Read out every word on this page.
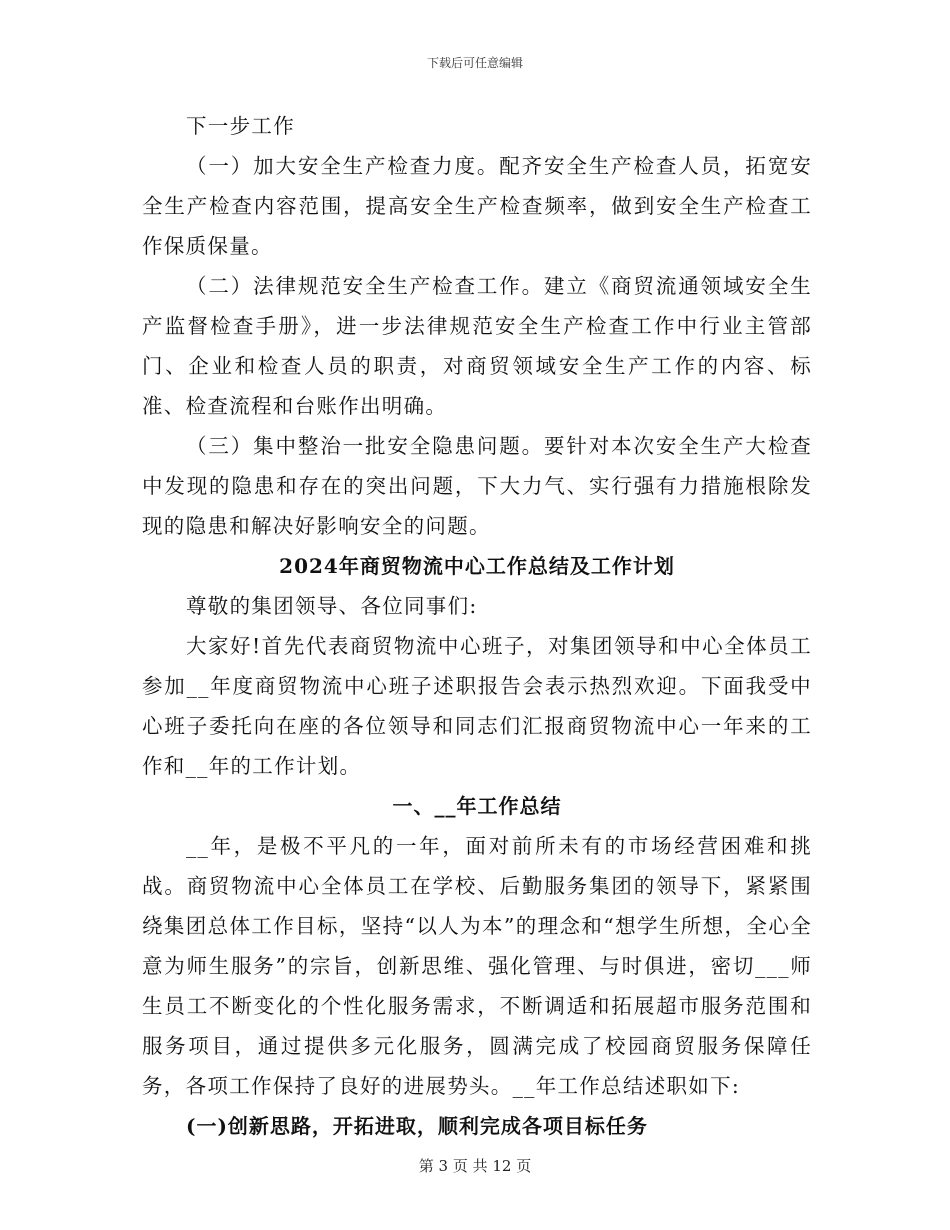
下载后可任意编辑

下一步工作

（一）加大安全生产检查力度。配齐安全生产检查人员，拓宽安全生产检查内容范围，提高安全生产检查频率，做到安全生产检查工作保质保量。

（二）法律规范安全生产检查工作。建立《商贸流通领域安全生产监督检查手册》，进一步法律规范安全生产检查工作中行业主管部门、企业和检查人员的职责，对商贸领域安全生产工作的内容、标准、检查流程和台账作出明确。

（三）集中整治一批安全隐患问题。要针对本次安全生产大检查中发现的隐患和存在的突出问题，下大力气、实行强有力措施根除发现的隐患和解决好影响安全的问题。

2024年商贸物流中心工作总结及工作计划

尊敬的集团领导、各位同事们:

大家好!首先代表商贸物流中心班子，对集团领导和中心全体员工参加__年度商贸物流中心班子述职报告会表示热烈欢迎。下面我受中心班子委托向在座的各位领导和同志们汇报商贸物流中心一年来的工作和__年的工作计划。

一、__年工作总结

__年，是极不平凡的一年，面对前所未有的市场经营困难和挑战。商贸物流中心全体员工在学校、后勤服务集团的领导下，紧紧围绕集团总体工作目标，坚持“以人为本”的理念和“想学生所想，全心全意为师生服务”的宗旨，创新思维、强化管理、与时俱进，密切___师生员工不断变化的个性化服务需求，不断调适和拓展超市服务范围和服务项目，通过提供多元化服务，圆满完成了校园商贸服务保障任务，各项工作保持了良好的进展势头。__年工作总结述职如下:

(一)创新思路，开拓进取，顺利完成各项目标任务

第 3 页 共 12 页
